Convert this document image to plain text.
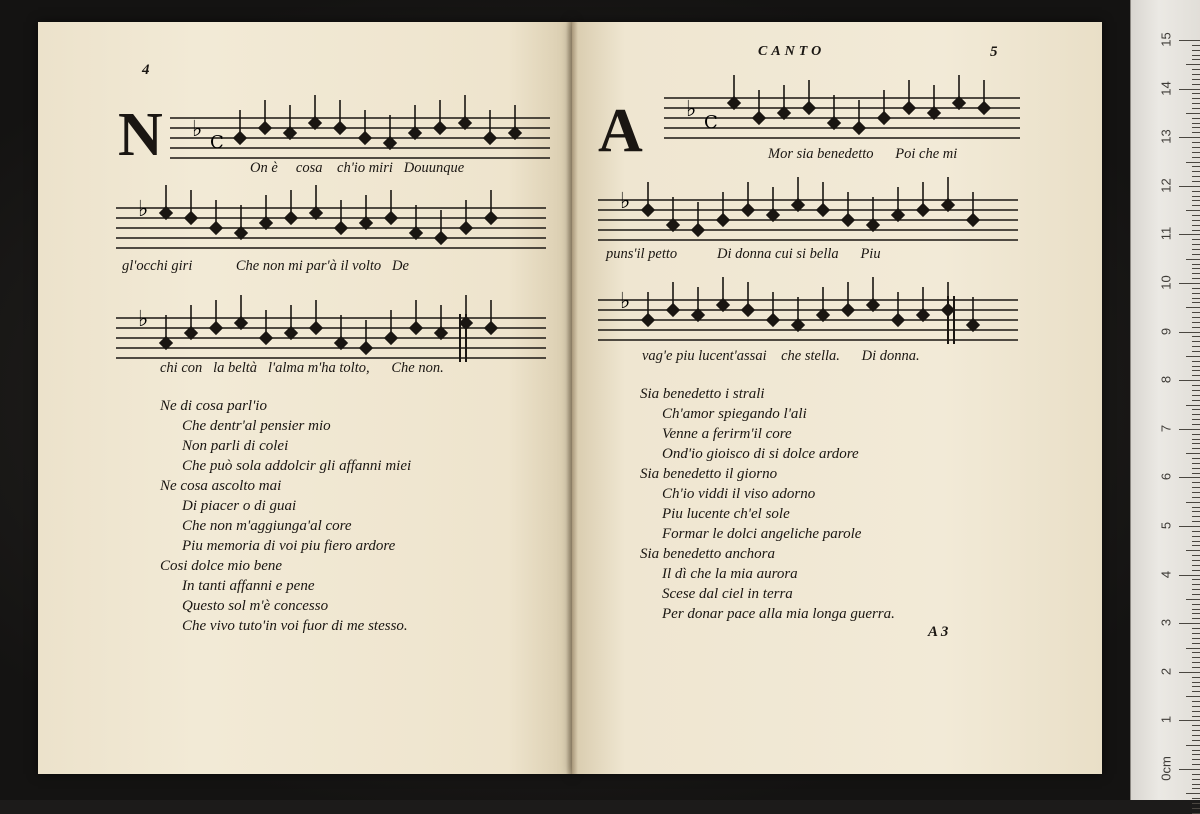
4
N ♭
C
On è cosa ch'io miri Douunque
♭
gl'occhi giri	Che non mi par'à il volto De
♭
chi con la beltà l'alma m'ha tolto, Che non.
Ne di cosa parl'io
Che dentr'al pensier mio
Non parli di colei
Che può sola addolcir gli affanni miei
Ne cosa ascolto mai
Di piacer o di guai
Che non m'aggiunga'al core
Piu memoria di voi piu fiero ardore
Cosi dolce mio bene
In tanti affanni e pene
Questo sol m'è concesso
Che vivo tuto'in voi fuor di me stesso.
CANTO	5
A ♭
C
Mor sia benedetto Poi che mi
♭
puns'il petto	Di donna cui si bella Piu
♭
vag'e piu lucent'assai che stella. Di donna.
Sia benedetto i strali
Ch'amor spiegando l'ali
Venne a ferirm'il core
Ond'io gioisco di si dolce ardore
Sia benedetto il giorno
Ch'io viddi il viso adorno
Piu lucente ch'el sole
Formar le dolci angeliche parole
Sia benedetto anchora
Il dì che la mia aurora
Scese dal ciel in terra
Per donar pace alla mia longa guerra.
A 3
15
14
13
12
11
10
9
8
7
6
5
4
3
2
1
0cm
